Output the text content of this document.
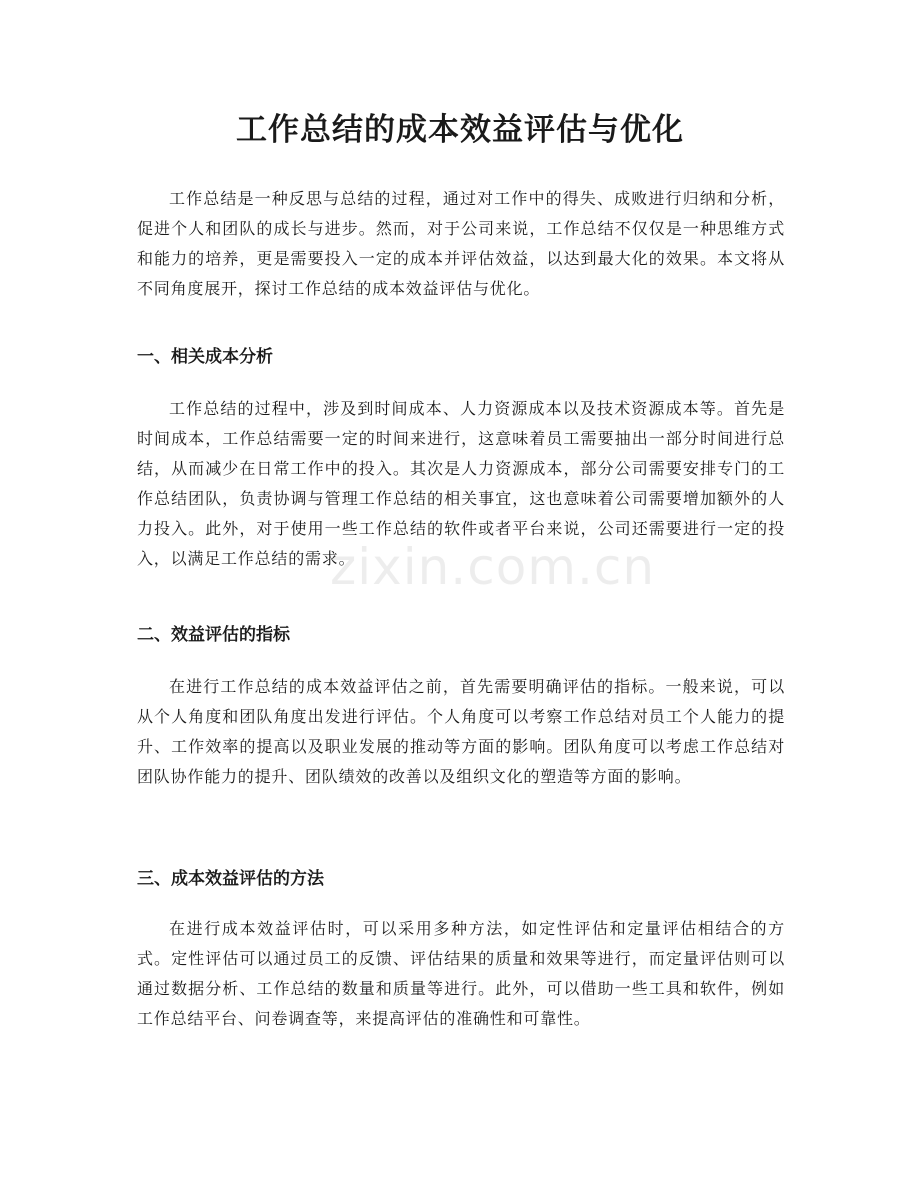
工作总结的成本效益评估与优化

工作总结是一种反思与总结的过程，通过对工作中的得失、成败进行归纳和分析，促进个人和团队的成长与进步。然而，对于公司来说，工作总结不仅仅是一种思维方式和能力的培养，更是需要投入一定的成本并评估效益，以达到最大化的效果。本文将从不同角度展开，探讨工作总结的成本效益评估与优化。

一、相关成本分析

工作总结的过程中，涉及到时间成本、人力资源成本以及技术资源成本等。首先是时间成本，工作总结需要一定的时间来进行，这意味着员工需要抽出一部分时间进行总结，从而减少在日常工作中的投入。其次是人力资源成本，部分公司需要安排专门的工作总结团队，负责协调与管理工作总结的相关事宜，这也意味着公司需要增加额外的人力投入。此外，对于使用一些工作总结的软件或者平台来说，公司还需要进行一定的投入，以满足工作总结的需求。

二、效益评估的指标

在进行工作总结的成本效益评估之前，首先需要明确评估的指标。一般来说，可以从个人角度和团队角度出发进行评估。个人角度可以考察工作总结对员工个人能力的提升、工作效率的提高以及职业发展的推动等方面的影响。团队角度可以考虑工作总结对团队协作能力的提升、团队绩效的改善以及组织文化的塑造等方面的影响。

三、成本效益评估的方法

在进行成本效益评估时，可以采用多种方法，如定性评估和定量评估相结合的方式。定性评估可以通过员工的反馈、评估结果的质量和效果等进行，而定量评估则可以通过数据分析、工作总结的数量和质量等进行。此外，可以借助一些工具和软件，例如工作总结平台、问卷调查等，来提高评估的准确性和可靠性。

zixin.com.cn
